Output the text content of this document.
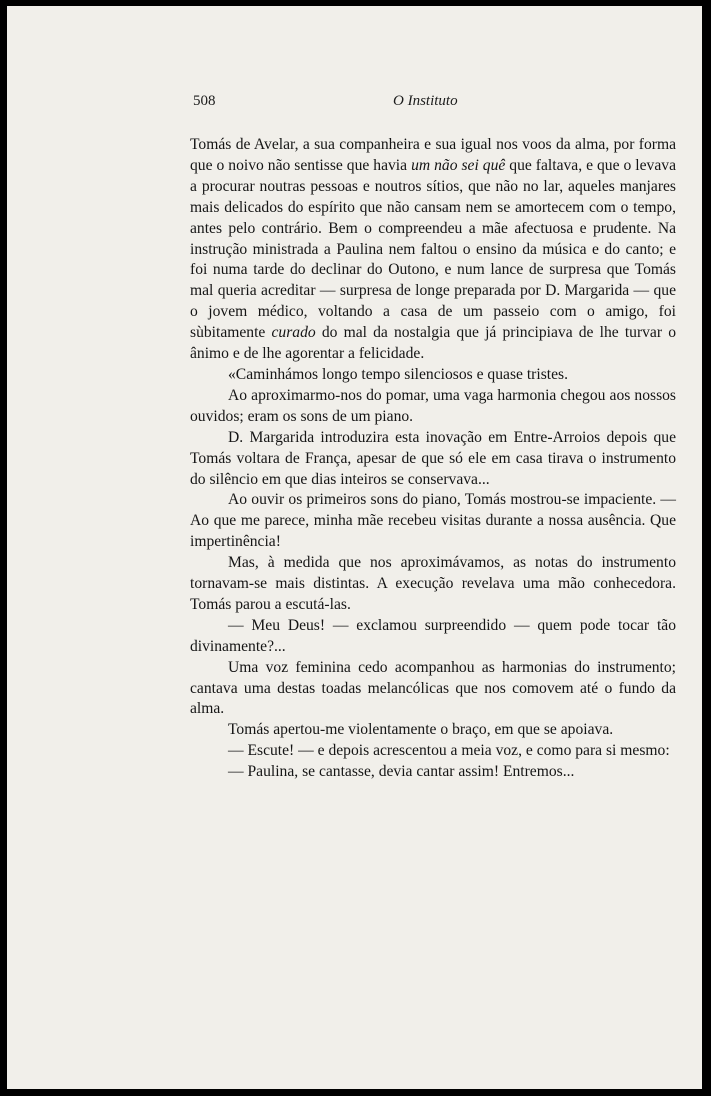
508	O Instituto

Tomás de Avelar, a sua companheira e sua igual nos voos da alma, por forma que o noivo não sentisse que havia um não sei quê que faltava, e que o levava a procurar noutras pessoas e noutros sítios, que não no lar, aqueles manjares mais delicados do espírito que não cansam nem se amortecem com o tempo, antes pelo contrário. Bem o compreendeu a mãe afectuosa e prudente. Na instrução ministrada a Paulina nem faltou o ensino da música e do canto; e foi numa tarde do declinar do Outono, e num lance de surpresa que Tomás mal queria acreditar — surpresa de longe preparada por D. Margarida — que o jovem médico, voltando a casa de um passeio com o amigo, foi sùbitamente curado do mal da nostalgia que já principiava de lhe turvar o ânimo e de lhe agorentar a felicidade.

«Caminhámos longo tempo silenciosos e quase tristes.

Ao aproximarmo-nos do pomar, uma vaga harmonia chegou aos nossos ouvidos; eram os sons de um piano.

D. Margarida introduzira esta inovação em Entre-Arroios depois que Tomás voltara de França, apesar de que só ele em casa tirava o instrumento do silêncio em que dias inteiros se conservava...

Ao ouvir os primeiros sons do piano, Tomás mostrou-se impaciente. — Ao que me parece, minha mãe recebeu visitas durante a nossa ausência. Que impertinência!

Mas, à medida que nos aproximávamos, as notas do instrumento tornavam-se mais distintas. A execução revelava uma mão conhecedora. Tomás parou a escutá-las.

— Meu Deus! — exclamou surpreendido — quem pode tocar tão divinamente?...

Uma voz feminina cedo acompanhou as harmonias do instrumento; cantava uma destas toadas melancólicas que nos comovem até o fundo da alma.

Tomás apertou-me violentamente o braço, em que se apoiava.

— Escute! — e depois acrescentou a meia voz, e como para si mesmo:

— Paulina, se cantasse, devia cantar assim! Entremos...
